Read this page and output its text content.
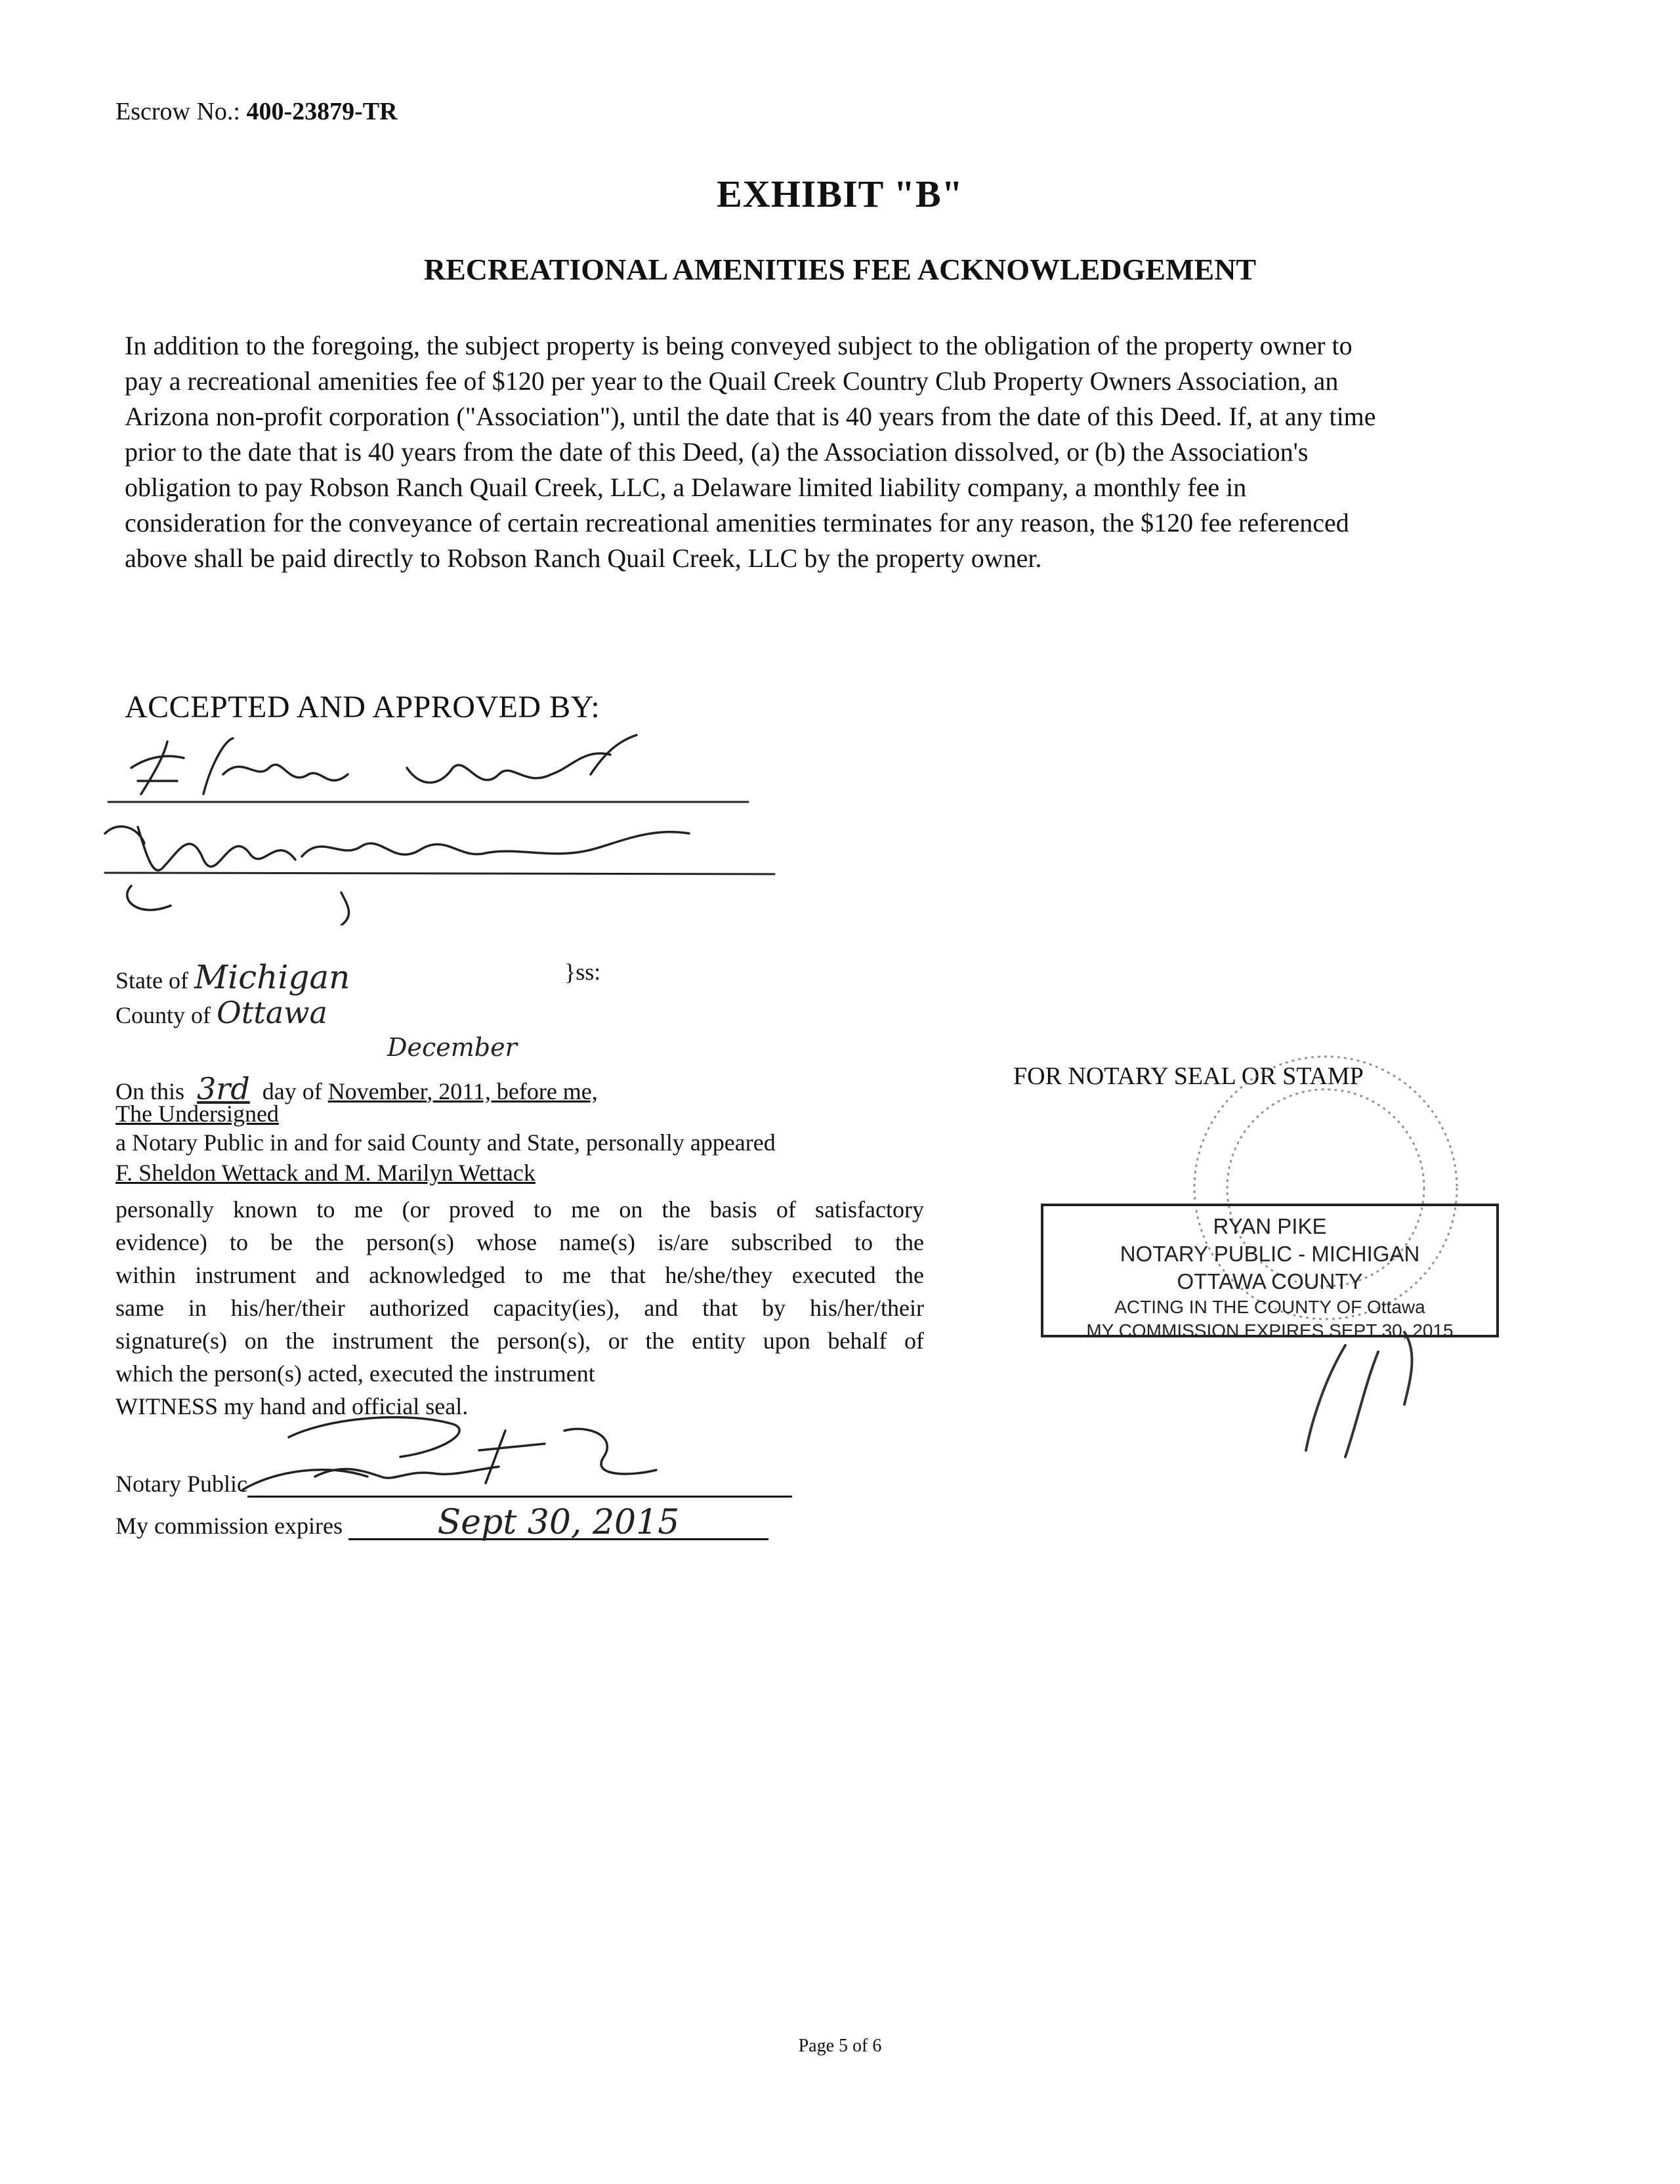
Escrow No.: 400-23879-TR
EXHIBIT "B"
RECREATIONAL AMENITIES FEE ACKNOWLEDGEMENT
In addition to the foregoing, the subject property is being conveyed subject to the obligation of the property owner to
pay a recreational amenities fee of $120 per year to the Quail Creek Country Club Property Owners Association, an
Arizona non-profit corporation ("Association"), until the date that is 40 years from the date of this Deed. If, at any time
prior to the date that is 40 years from the date of this Deed, (a) the Association dissolved, or (b) the Association's
obligation to pay Robson Ranch Quail Creek, LLC, a Delaware limited liability company, a monthly fee in
consideration for the conveyance of certain recreational amenities terminates for any reason, the $120 fee referenced
above shall be paid directly to Robson Ranch Quail Creek, LLC by the property owner.
ACCEPTED AND APPROVED BY:
State of Michigan	}ss:
County of Ottawa
December
On this 3rd day of November, 2011, before me,
The Undersigned
a Notary Public in and for said County and State, personally appeared
F. Sheldon Wettack and M. Marilyn Wettack
personally known to me (or proved to me on the basis of satisfactory
evidence) to be the person(s) whose name(s) is/are subscribed to the
within instrument and acknowledged to me that he/she/they executed the
same in his/her/their authorized capacity(ies), and that by his/her/their
signature(s) on the instrument the person(s), or the entity upon behalf of
which the person(s) acted, executed the instrument
WITNESS my hand and official seal.
Notary Public
My commission expires	Sept 30, 2015
FOR NOTARY SEAL OR STAMP
RYAN PIKE
NOTARY PUBLIC - MICHIGAN
OTTAWA COUNTY
ACTING IN THE COUNTY OF Ottawa
MY COMMISSION EXPIRES SEPT 30, 2015
Page 5 of 6
